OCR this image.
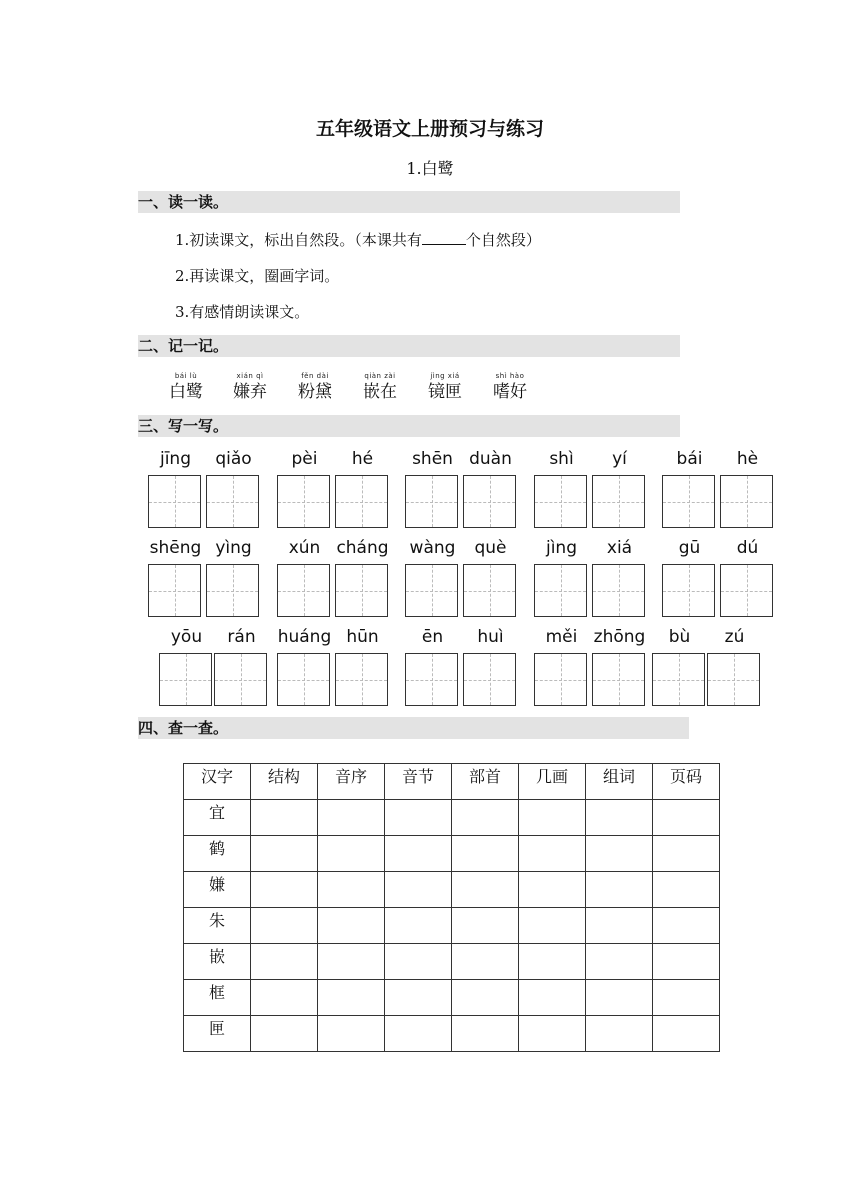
五年级语文上册预习与练习
1.白鹭
一、读一读。
1.初读课文，标出自然段。（本课共有	个自然段）
2.再读课文，圈画字词。
3.有感情朗读课文。
二、记一记。
bái lù
白鹭
xián qì
嫌弃
fěn dài
粉黛
qiàn zài
嵌在
jìng xiá
镜匣
shì hào
嗜好
三、写一写。
jīng	qiǎo	pèi	hé	shēn duàn	shì	yí	bái	hè
shēng yìng	xún cháng wàng	què	jìng	xiá	gū	dú
yōu	rán	huáng hūn	ēn	huì	měi zhōng	bù	zú
四、查一查。
汉字	结构	音序	音节	部首	几画	组词	页码
宜							
鹤							
嫌							
朱							
嵌							
框							
匣							
